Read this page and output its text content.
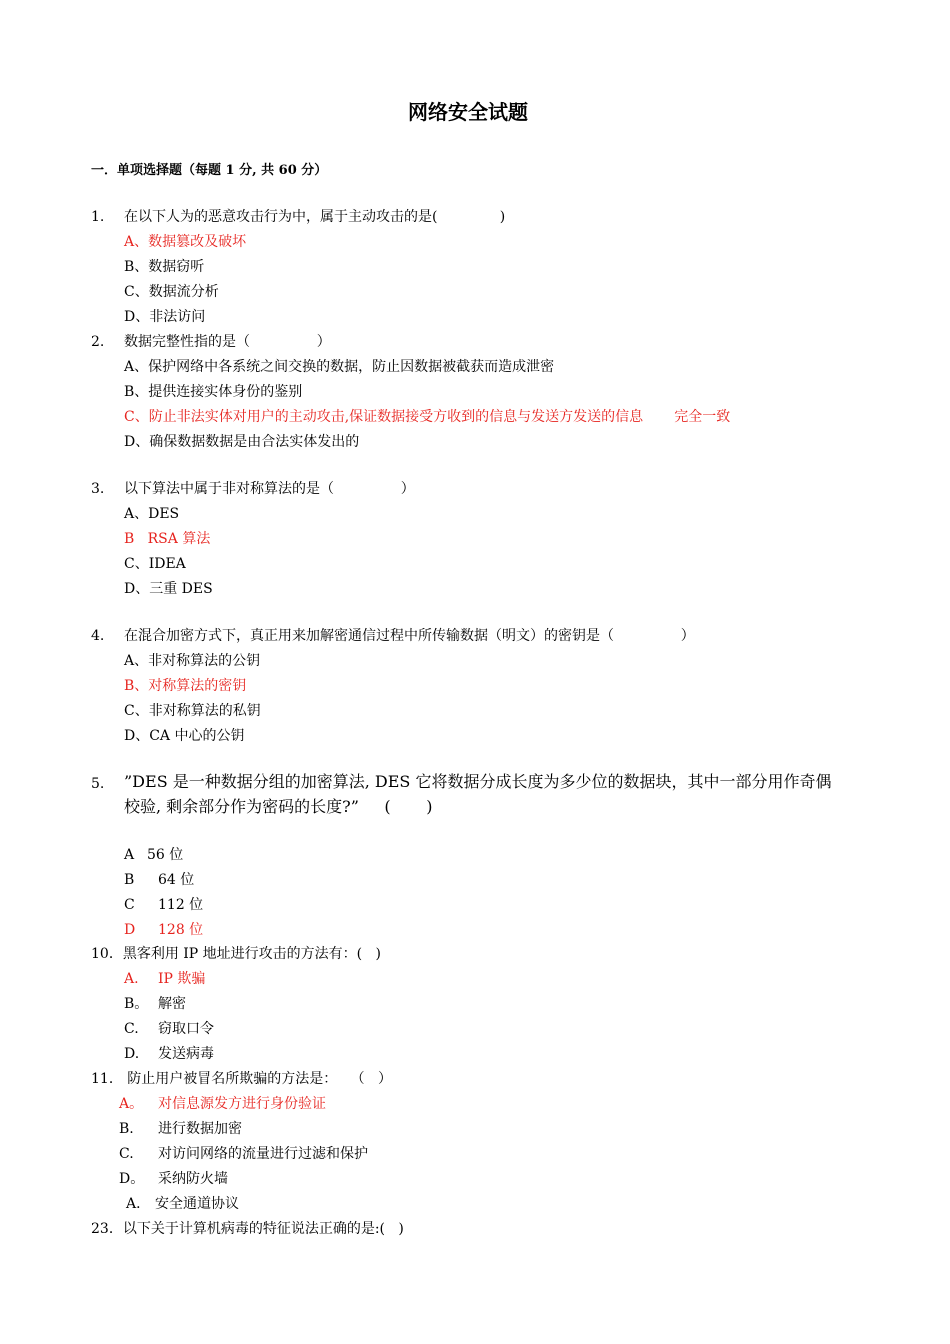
网络安全试题
一．单项选择题（每题 1 分, 共 60 分）
1. 在以下人为的恶意攻击行为中，属于主动攻击的是(              )
A、数据篡改及破坏
B、数据窃听
C、数据流分析
D、非法访问
2. 数据完整性指的是（               ）
A、保护网络中各系统之间交换的数据，防止因数据被截获而造成泄密
B、提供连接实体身份的鉴别
C、防止非法实体对用户的主动攻击,保证数据接受方收到的信息与发送方发送的信息       完全一致
D、确保数据数据是由合法实体发出的
3. 以下算法中属于非对称算法的是（               ）
A、DES
B   RSA 算法
C、IDEA
D、三重 DES
4. 在混合加密方式下，真正用来加解密通信过程中所传输数据（明文）的密钥是（               ）
A、非对称算法的公钥
B、对称算法的密钥
C、非对称算法的私钥
D、CA 中心的公钥
5. ”DES 是一种数据分组的加密算法, DES 它将数据分成长度为多少位的数据块，其中一部分用作奇偶
校验, 剩余部分作为密码的长度?”     (       )
A 56 位
B 64 位
C 112 位
D 128 位
10．黑客利用 IP 地址进行攻击的方法有：(   )
A. IP 欺骗
B。 解密
C. 窃取口令
D. 发送病毒
11． 防止用户被冒名所欺骗的方法是：   （   ）
A。 对信息源发方进行身份验证
B. 进行数据加密
C. 对访问网络的流量进行过滤和保护
D。 采纳防火墙
A． 安全通道协议
23．以下关于计算机病毒的特征说法正确的是:(   )
